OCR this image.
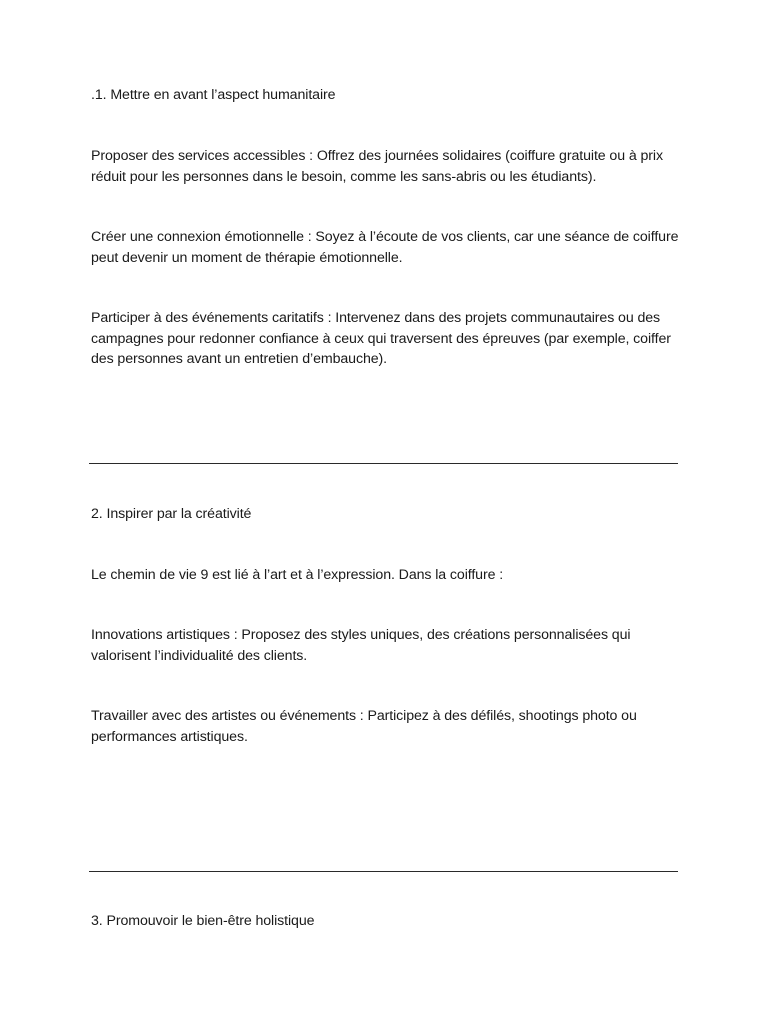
.1. Mettre en avant l’aspect humanitaire

Proposer des services accessibles : Offrez des journées solidaires (coiffure gratuite ou à prix réduit pour les personnes dans le besoin, comme les sans-abris ou les étudiants).

Créer une connexion émotionnelle : Soyez à l’écoute de vos clients, car une séance de coiffure peut devenir un moment de thérapie émotionnelle.

Participer à des événements caritatifs : Intervenez dans des projets communautaires ou des campagnes pour redonner confiance à ceux qui traversent des épreuves (par exemple, coiffer des personnes avant un entretien d’embauche).

2. Inspirer par la créativité

Le chemin de vie 9 est lié à l’art et à l’expression. Dans la coiffure :

Innovations artistiques : Proposez des styles uniques, des créations personnalisées qui valorisent l’individualité des clients.

Travailler avec des artistes ou événements : Participez à des défilés, shootings photo ou performances artistiques.

3. Promouvoir le bien-être holistique
